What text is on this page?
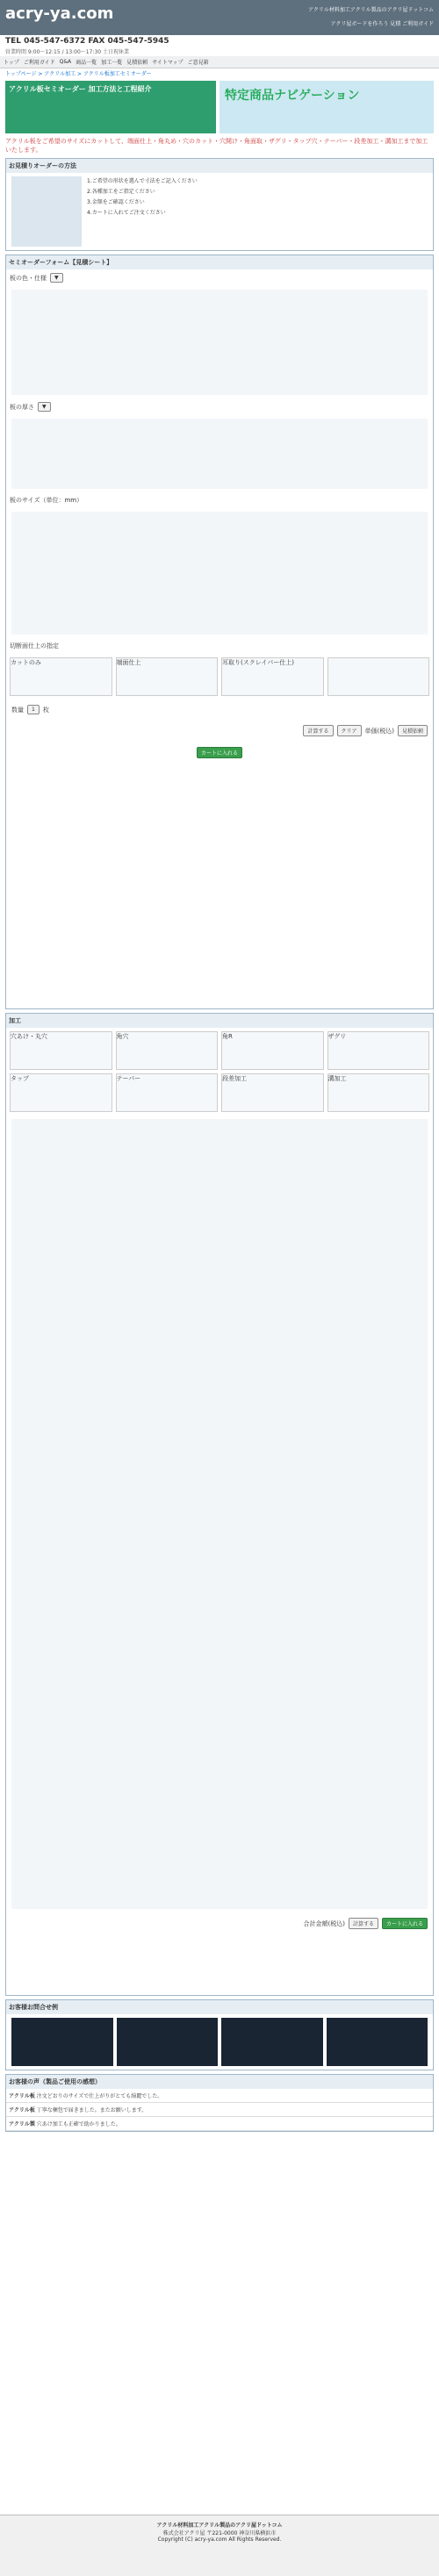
acry-ya.com	アクリル材料加工アクリル製品のアクリ屋ドットコム
アクリ屋ボードを作ろう 見積 ご利用ガイド
TEL 045-547-6372 FAX 045-547-5945
営業時間 9:00～12:15 / 13:00～17:30 土日祝休業
トップ ご利用ガイド Q&A 商品一覧 加工一覧 見積依頼 サイトマップ ご意見箱
トップページ > アクリル加工 > アクリル板加工セミオーダー
アクリル板セミオーダー 加工方法と工程紹介	特定商品ナビゲーション
アクリル板をご希望のサイズにカットして、端面仕上・角丸め・穴のカット・穴開け・角面取・ザグリ・タップ穴・テーパー・段差加工・溝加工まで加工いたします。
お見積りオーダーの方法
1.ご希望の形状を選んで寸法をご記入ください
2.各種加工をご指定ください
3.金額をご確認ください
4.カートに入れてご注文ください
セミオーダーフォーム【見積シート】
板の色・仕様	▼
板の厚さ	▼
板のサイズ（単位：mm）
切断面仕上の指定
カットのみ	端面仕上	耳取り(スクレイパー仕上)
数量	1	枚
計算する	クリア	単価(税込)	見積依頼
カートに入れる
加工
穴あけ・丸穴	角穴	角R	ザグリ
タップ	テーパー	段差加工	溝加工
合計金額(税込)	計算する	カートに入れる
お客様お問合せ例
お客様の声（製品ご使用の感想）
アクリル板 注文どおりのサイズで仕上がりがとても綺麗でした。
アクリル板 丁寧な梱包で届きました。またお願いします。
アクリル製 穴あけ加工も正確で助かりました。
アクリル材料加工アクリル製品のアクリ屋ドットコム
株式会社アクリ屋 〒221-0000 神奈川県横浜市
Copyright (C) acry-ya.com All Rights Reserved.
